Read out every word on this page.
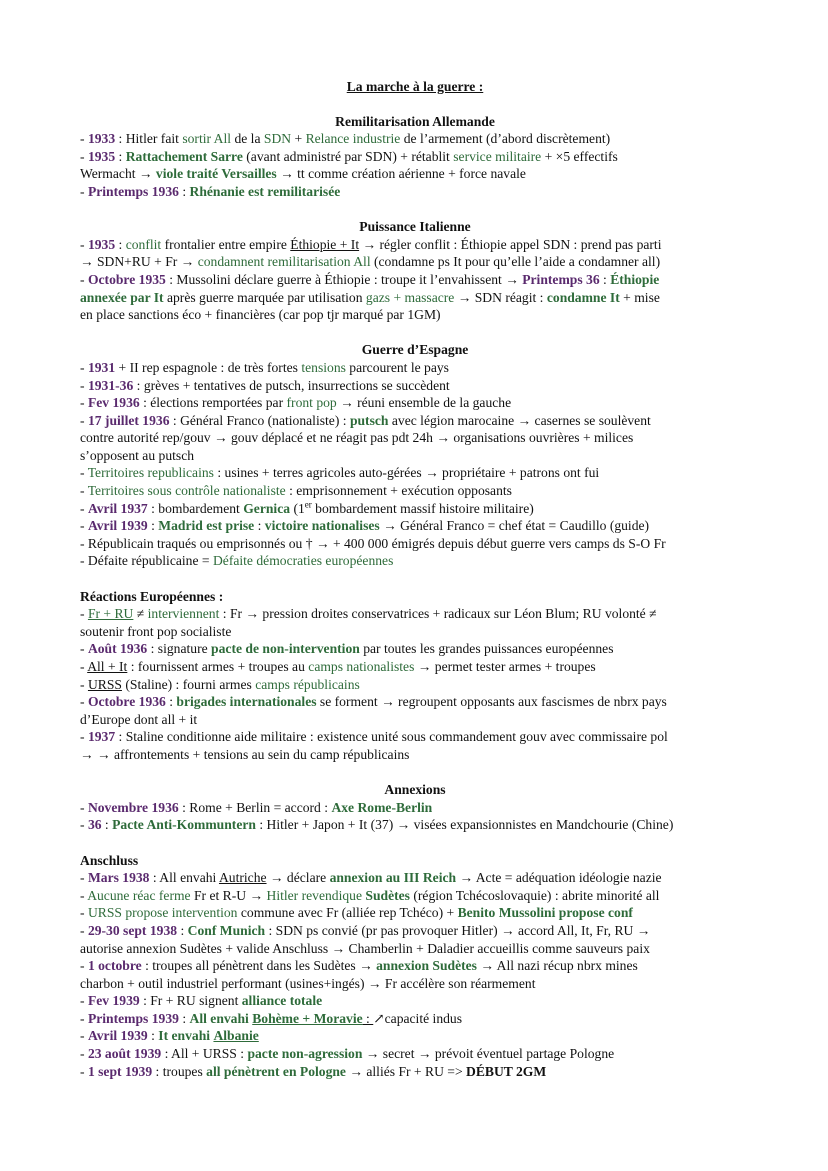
La marche à la guerre :

Remilitarisation Allemande

- 1933 : Hitler fait sortir All de la SDN + Relance industrie de l’armement (d’abord discrètement)

- 1935 : Rattachement Sarre (avant administré par SDN) + rétablit service militaire + ×5 effectifs

Wermacht → viole traité Versailles → tt comme création aérienne + force navale

- Printemps 1936 : Rhénanie est remilitarisée

Puissance Italienne

- 1935 : conflit frontalier entre empire Éthiopie + It → régler conflit : Éthiopie appel SDN : prend pas parti

→ SDN+RU + Fr → condamnent remilitarisation All (condamne ps It pour qu’elle l’aide a condamner all)

- Octobre 1935 : Mussolini déclare guerre à Éthiopie : troupe it l’envahissent → Printemps 36 : Éthiopie

annexée par It après guerre marquée par utilisation gazs + massacre → SDN réagit : condamne It + mise

en place sanctions éco + financières (car pop tjr marqué par 1GM)

Guerre d’Espagne

- 1931 + II rep espagnole : de très fortes tensions parcourent le pays

- 1931-36 : grèves + tentatives de putsch, insurrections se succèdent

- Fev 1936 : élections remportées par front pop → réuni ensemble de la gauche

- 17 juillet 1936 : Général Franco (nationaliste) : putsch avec légion marocaine → casernes se soulèvent

contre autorité rep/gouv → gouv déplacé et ne réagit pas pdt 24h → organisations ouvrières + milices

s’opposent au putsch

- Territoires republicains : usines + terres agricoles auto-gérées → propriétaire + patrons ont fui

- Territoires sous contrôle nationaliste : emprisonnement + exécution opposants

- Avril 1937 : bombardement Gernica (1er bombardement massif histoire militaire)

- Avril 1939 : Madrid est prise : victoire nationalises → Général Franco = chef état = Caudillo (guide)

- Républicain traqués ou emprisonnés ou † → + 400 000 émigrés depuis début guerre vers camps ds S-O Fr

- Défaite républicaine = Défaite démocraties européennes

Réactions Européennes :

- Fr + RU ≠ interviennent : Fr → pression droites conservatrices + radicaux sur Léon Blum; RU volonté ≠

soutenir front pop socialiste

- Août 1936 : signature pacte de non-intervention par toutes les grandes puissances européennes

- All + It : fournissent armes + troupes au camps nationalistes → permet tester armes + troupes

- URSS (Staline) : fourni armes camps républicains

- Octobre 1936 : brigades internationales se forment → regroupent opposants aux fascismes de nbrx pays

d’Europe dont all + it

- 1937 : Staline conditionne aide militaire : existence unité sous commandement gouv avec commissaire pol

→ → affrontements + tensions au sein du camp républicains

Annexions

- Novembre 1936 : Rome + Berlin = accord : Axe Rome-Berlin

- 36 : Pacte Anti-Kommuntern : Hitler + Japon + It (37) → visées expansionnistes en Mandchourie (Chine)

Anschluss

- Mars 1938 : All envahi Autriche → déclare annexion au III Reich → Acte = adéquation idéologie nazie

- Aucune réac ferme Fr et R-U → Hitler revendique Sudètes (région Tchécoslovaquie) : abrite minorité all

- URSS propose intervention commune avec Fr (alliée rep Tchéco) + Benito Mussolini propose conf

- 29-30 sept 1938 : Conf Munich : SDN ps convié (pr pas provoquer Hitler) → accord All, It, Fr, RU →

autorise annexion Sudètes + valide Anschluss → Chamberlin + Daladier accueillis comme sauveurs paix

- 1 octobre : troupes all pénètrent dans les Sudètes → annexion Sudètes → All nazi récup nbrx mines

charbon + outil industriel performant (usines+ingés) → Fr accélère son réarmement

- Fev 1939 : Fr + RU signent alliance totale

- Printemps 1939 : All envahi Bohème + Moravie : ↗capacité indus

- Avril 1939 : It envahi Albanie

- 23 août 1939 : All + URSS : pacte non-agression → secret → prévoit éventuel partage Pologne

- 1 sept 1939 : troupes all pénètrent en Pologne → alliés Fr + RU => DÉBUT 2GM
